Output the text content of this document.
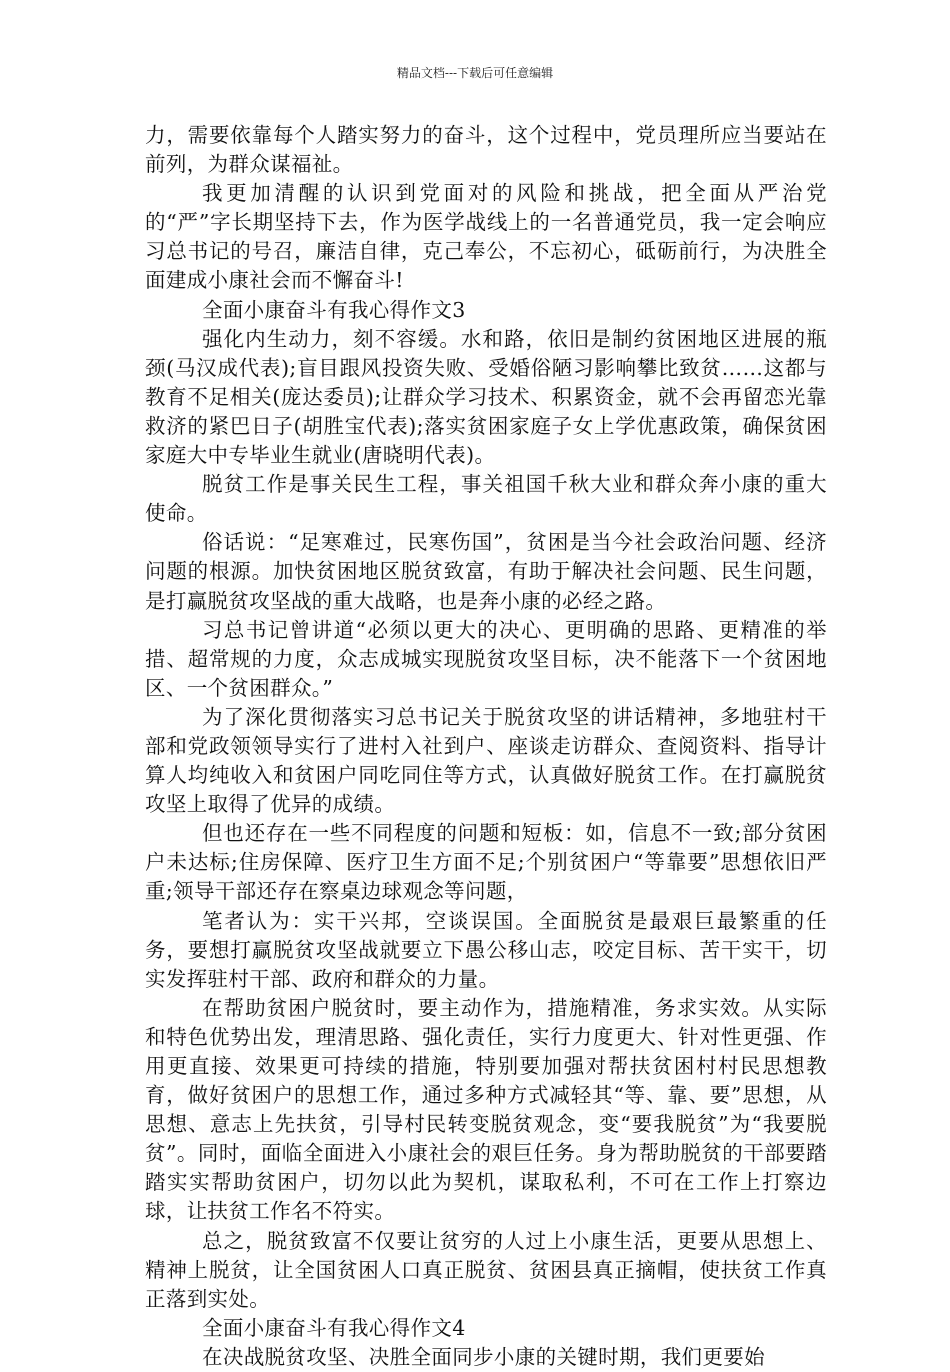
精品文档---下载后可任意编辑

力，需要依靠每个人踏实努力的奋斗，这个过程中，党员理所应当要站在前列，为群众谋福祉。

我更加清醒的认识到党面对的风险和挑战，把全面从严治党的“严”字长期坚持下去，作为医学战线上的一名普通党员，我一定会响应习总书记的号召，廉洁自律，克己奉公，不忘初心，砥砺前行，为决胜全面建成小康社会而不懈奋斗!

全面小康奋斗有我心得作文3

强化内生动力，刻不容缓。水和路，依旧是制约贫困地区进展的瓶颈(马汉成代表);盲目跟风投资失败、受婚俗陋习影响攀比致贫……这都与教育不足相关(庞达委员);让群众学习技术、积累资金，就不会再留恋光靠救济的紧巴日子(胡胜宝代表);落实贫困家庭子女上学优惠政策，确保贫困家庭大中专毕业生就业(唐晓明代表)。

脱贫工作是事关民生工程，事关祖国千秋大业和群众奔小康的重大使命。

俗话说：“足寒难过，民寒伤国”，贫困是当今社会政治问题、经济问题的根源。加快贫困地区脱贫致富，有助于解决社会问题、民生问题，是打赢脱贫攻坚战的重大战略，也是奔小康的必经之路。

习总书记曾讲道“必须以更大的决心、更明确的思路、更精准的举措、超常规的力度，众志成城实现脱贫攻坚目标，决不能落下一个贫困地区、一个贫困群众。”

为了深化贯彻落实习总书记关于脱贫攻坚的讲话精神，多地驻村干部和党政领领导实行了进村入社到户、座谈走访群众、查阅资料、指导计算人均纯收入和贫困户同吃同住等方式，认真做好脱贫工作。在打赢脱贫攻坚上取得了优异的成绩。

但也还存在一些不同程度的问题和短板：如，信息不一致;部分贫困户未达标;住房保障、医疗卫生方面不足;个别贫困户“等靠要”思想依旧严重;领导干部还存在察桌边球观念等问题，

笔者认为：实干兴邦，空谈误国。全面脱贫是最艰巨最繁重的任务，要想打赢脱贫攻坚战就要立下愚公移山志，咬定目标、苦干实干，切实发挥驻村干部、政府和群众的力量。

在帮助贫困户脱贫时，要主动作为，措施精准，务求实效。从实际和特色优势出发，理清思路、强化责任，实行力度更大、针对性更强、作用更直接、效果更可持续的措施，特别要加强对帮扶贫困村村民思想教育，做好贫困户的思想工作，通过多种方式减轻其“等、靠、要”思想，从思想、意志上先扶贫，引导村民转变脱贫观念，变“要我脱贫”为“我要脱贫”。同时，面临全面进入小康社会的艰巨任务。身为帮助脱贫的干部要踏踏实实帮助贫困户，切勿以此为契机，谋取私利，不可在工作上打察边球，让扶贫工作名不符实。

总之，脱贫致富不仅要让贫穷的人过上小康生活，更要从思想上、精神上脱贫，让全国贫困人口真正脱贫、贫困县真正摘帽，使扶贫工作真正落到实处。

全面小康奋斗有我心得作文4

在决战脱贫攻坚、决胜全面同步小康的关键时期，我们更要始
